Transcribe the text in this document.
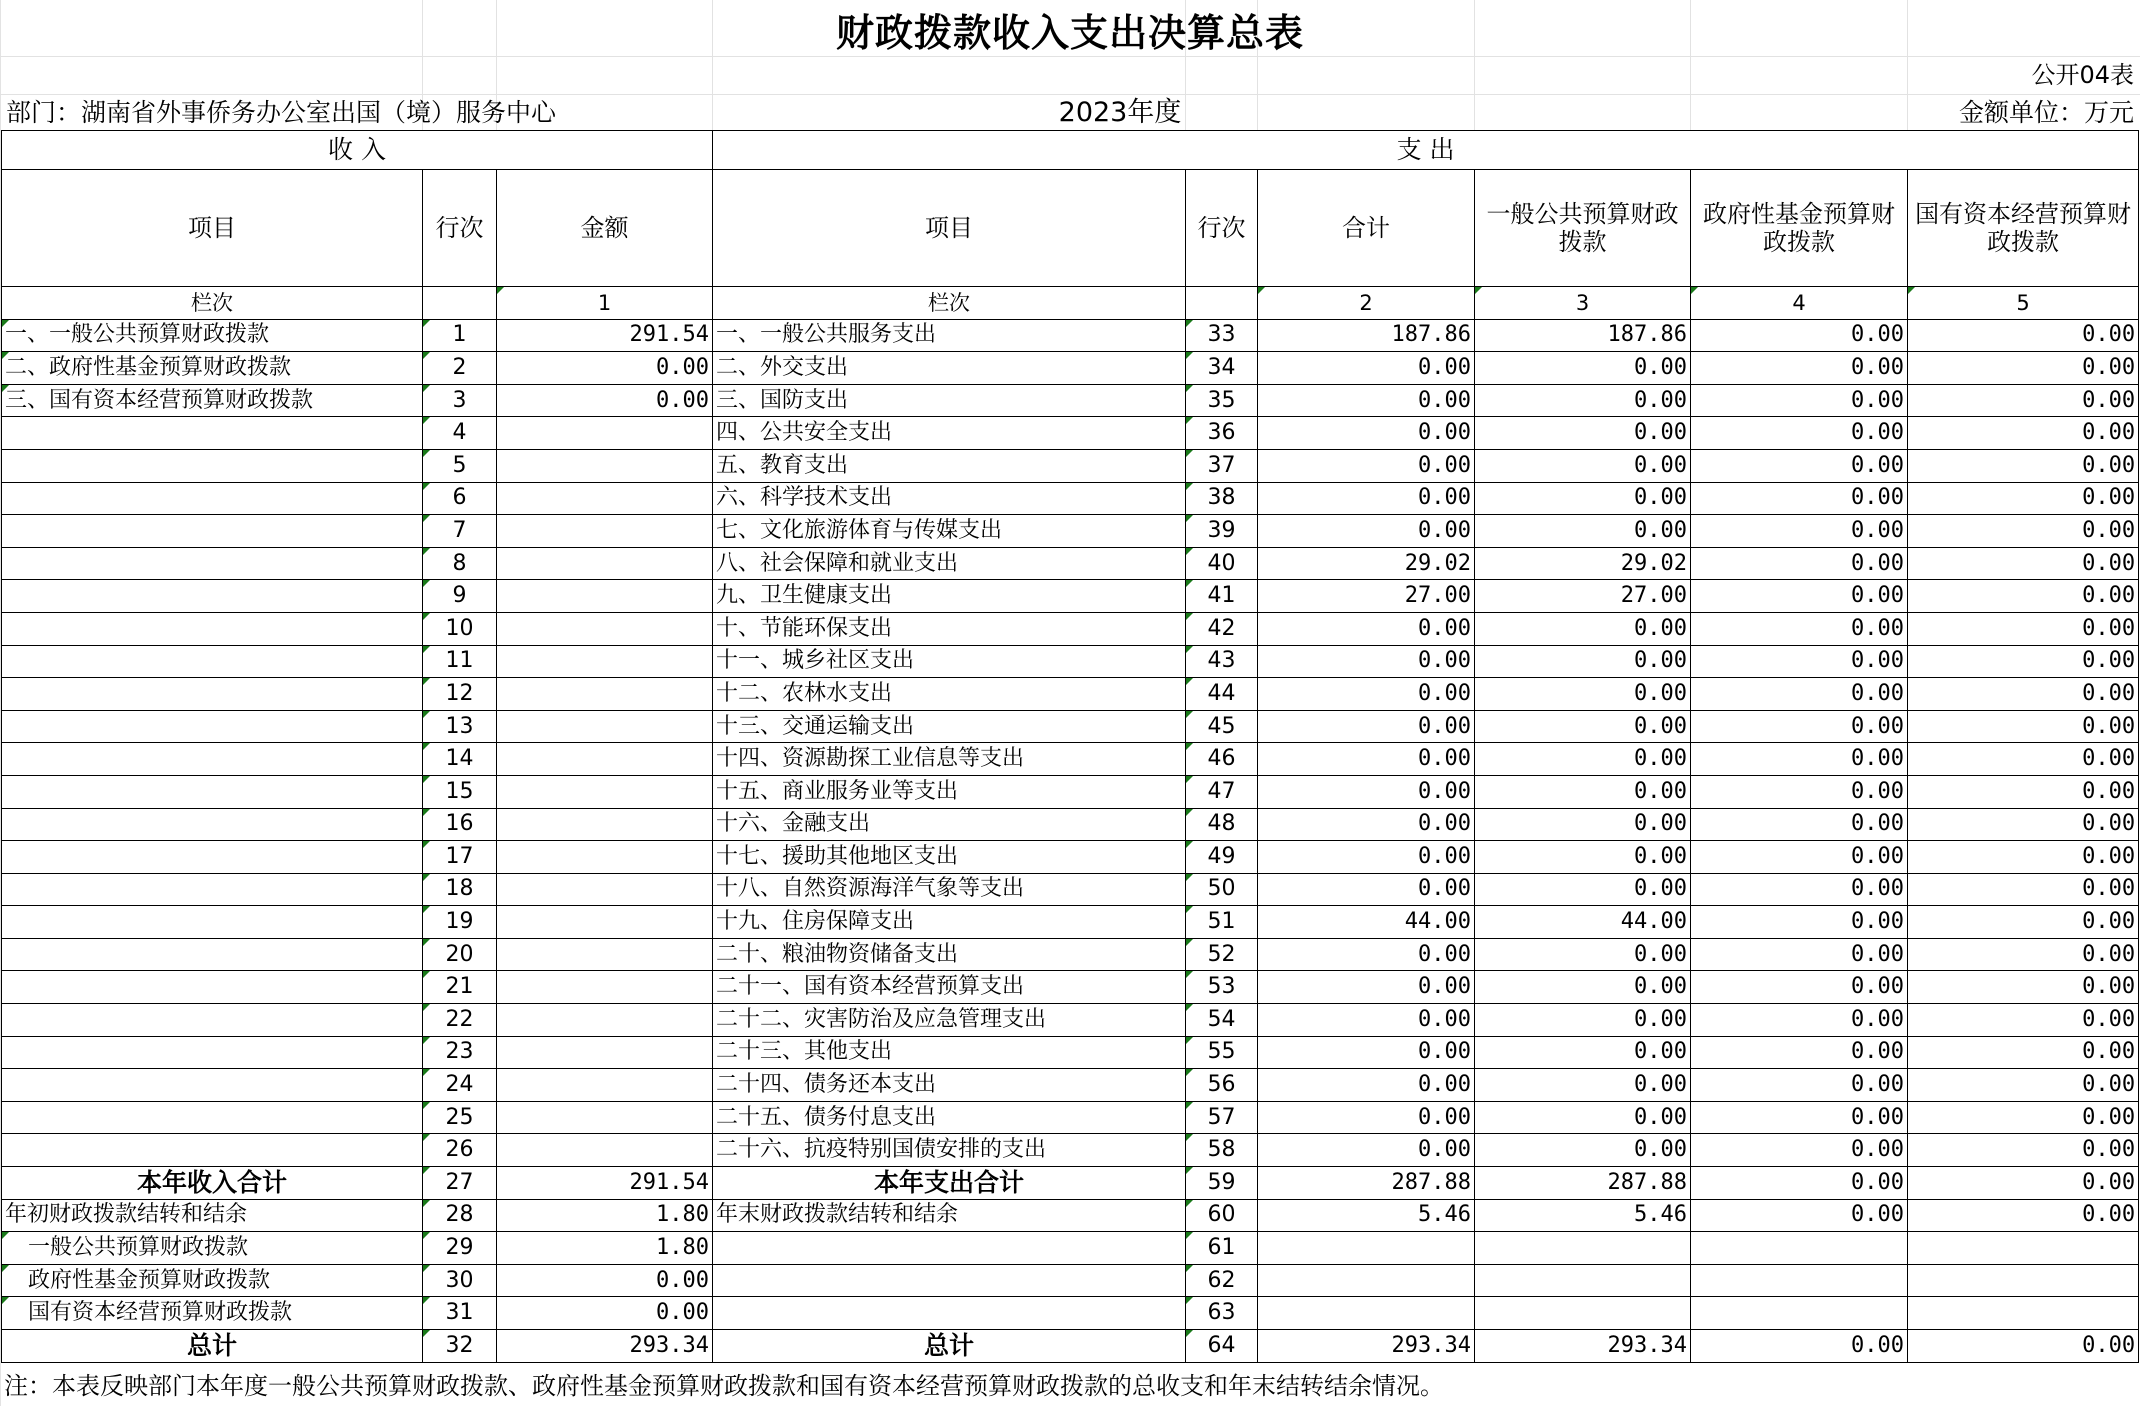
财政拨款收入支出决算总表
公开04表
部门：湖南省外事侨务办公室出国（境）服务中心	2023年度	金额单位：万元
收 入			支 出					
项目	行次	金额	项目	行次	合计	一般公共预算财政拨款	政府性基金预算财政拨款	国有资本经营预算财政拨款
栏次		1	栏次		2	3	4	5
一、一般公共预算财政拨款	1	291.54	一、一般公共服务支出	33	187.86	187.86	0.00	0.00
二、政府性基金预算财政拨款	2	0.00	二、外交支出	34	0.00	0.00	0.00	0.00
三、国有资本经营预算财政拨款	3	0.00	三、国防支出	35	0.00	0.00	0.00	0.00
	4		四、公共安全支出	36	0.00	0.00	0.00	0.00
	5		五、教育支出	37	0.00	0.00	0.00	0.00
	6		六、科学技术支出	38	0.00	0.00	0.00	0.00
	7		七、文化旅游体育与传媒支出	39	0.00	0.00	0.00	0.00
	8		八、社会保障和就业支出	40	29.02	29.02	0.00	0.00
	9		九、卫生健康支出	41	27.00	27.00	0.00	0.00
	10		十、节能环保支出	42	0.00	0.00	0.00	0.00
	11		十一、城乡社区支出	43	0.00	0.00	0.00	0.00
	12		十二、农林水支出	44	0.00	0.00	0.00	0.00
	13		十三、交通运输支出	45	0.00	0.00	0.00	0.00
	14		十四、资源勘探工业信息等支出	46	0.00	0.00	0.00	0.00
	15		十五、商业服务业等支出	47	0.00	0.00	0.00	0.00
	16		十六、金融支出	48	0.00	0.00	0.00	0.00
	17		十七、援助其他地区支出	49	0.00	0.00	0.00	0.00
	18		十八、自然资源海洋气象等支出	50	0.00	0.00	0.00	0.00
	19		十九、住房保障支出	51	44.00	44.00	0.00	0.00
	20		二十、粮油物资储备支出	52	0.00	0.00	0.00	0.00
	21		二十一、国有资本经营预算支出	53	0.00	0.00	0.00	0.00
	22		二十二、灾害防治及应急管理支出	54	0.00	0.00	0.00	0.00
	23		二十三、其他支出	55	0.00	0.00	0.00	0.00
	24		二十四、债务还本支出	56	0.00	0.00	0.00	0.00
	25		二十五、债务付息支出	57	0.00	0.00	0.00	0.00
	26		二十六、抗疫特别国债安排的支出	58	0.00	0.00	0.00	0.00
本年收入合计	27	291.54	本年支出合计	59	287.88	287.88	0.00	0.00
年初财政拨款结转和结余	28	1.80	年末财政拨款结转和结余	60	5.46	5.46	0.00	0.00
一般公共预算财政拨款	29	1.80		61				
政府性基金预算财政拨款	30	0.00		62				
国有资本经营预算财政拨款	31	0.00		63				
总计	32	293.34	总计	64	293.34	293.34	0.00	0.00
注：本表反映部门本年度一般公共预算财政拨款、政府性基金预算财政拨款和国有资本经营预算财政拨款的总收支和年末结转结余情况。
